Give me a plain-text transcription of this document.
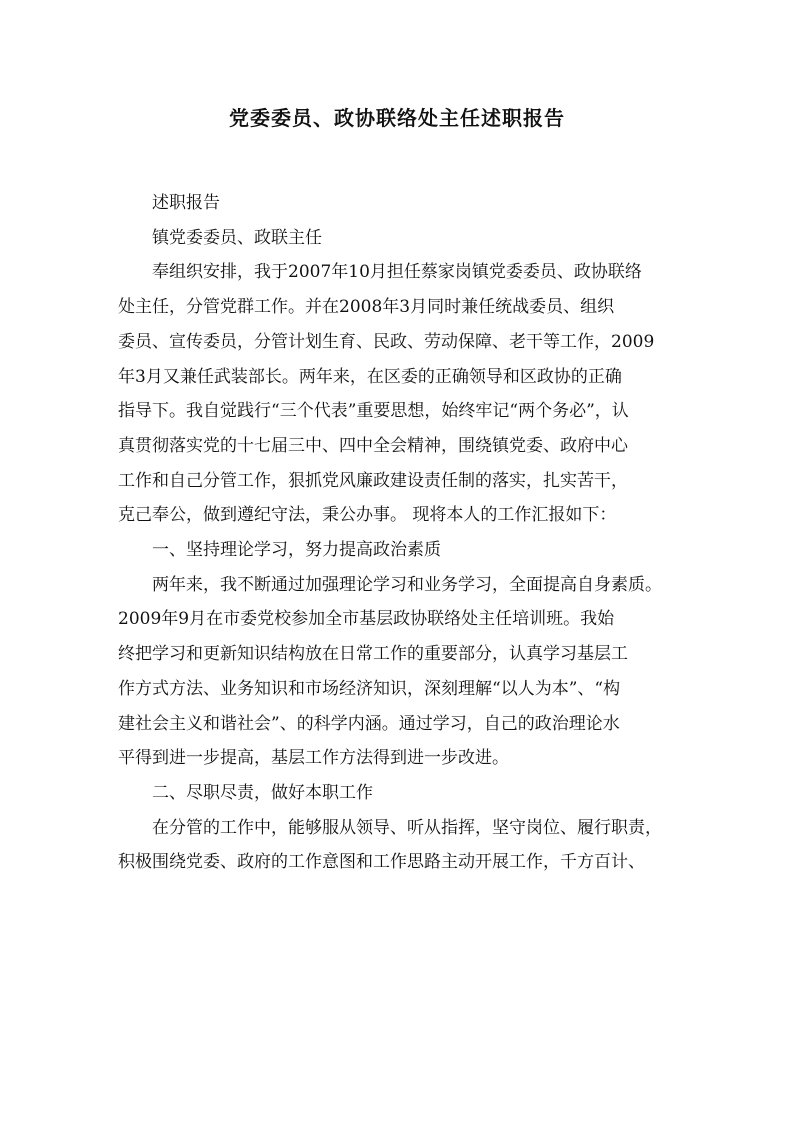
党委委员、政协联络处主任述职报告

述职报告

镇党委委员、政联主任

奉组织安排，我于2007年10月担任蔡家岗镇党委委员、政协联络
处主任，分管党群工作。并在2008年3月同时兼任统战委员、组织
委员、宣传委员，分管计划生育、民政、劳动保障、老干等工作，2009
年3月又兼任武装部长。两年来，在区委的正确领导和区政协的正确
指导下。我自觉践行“三个代表”重要思想，始终牢记“两个务必”，认
真贯彻落实党的十七届三中、四中全会精神，围绕镇党委、政府中心
工作和自己分管工作，狠抓党风廉政建设责任制的落实，扎实苦干，
克己奉公，做到遵纪守法，秉公办事。 现将本人的工作汇报如下：

一、坚持理论学习，努力提高政治素质

两年来，我不断通过加强理论学习和业务学习，全面提高自身素质。
2009年9月在市委党校参加全市基层政协联络处主任培训班。我始
终把学习和更新知识结构放在日常工作的重要部分，认真学习基层工
作方式方法、业务知识和市场经济知识，深刻理解“以人为本”、“构
建社会主义和谐社会”、的科学内涵。通过学习，自己的政治理论水
平得到进一步提高，基层工作方法得到进一步改进。

二、尽职尽责，做好本职工作

在分管的工作中，能够服从领导、听从指挥，坚守岗位、履行职责，
积极围绕党委、政府的工作意图和工作思路主动开展工作，千方百计、
